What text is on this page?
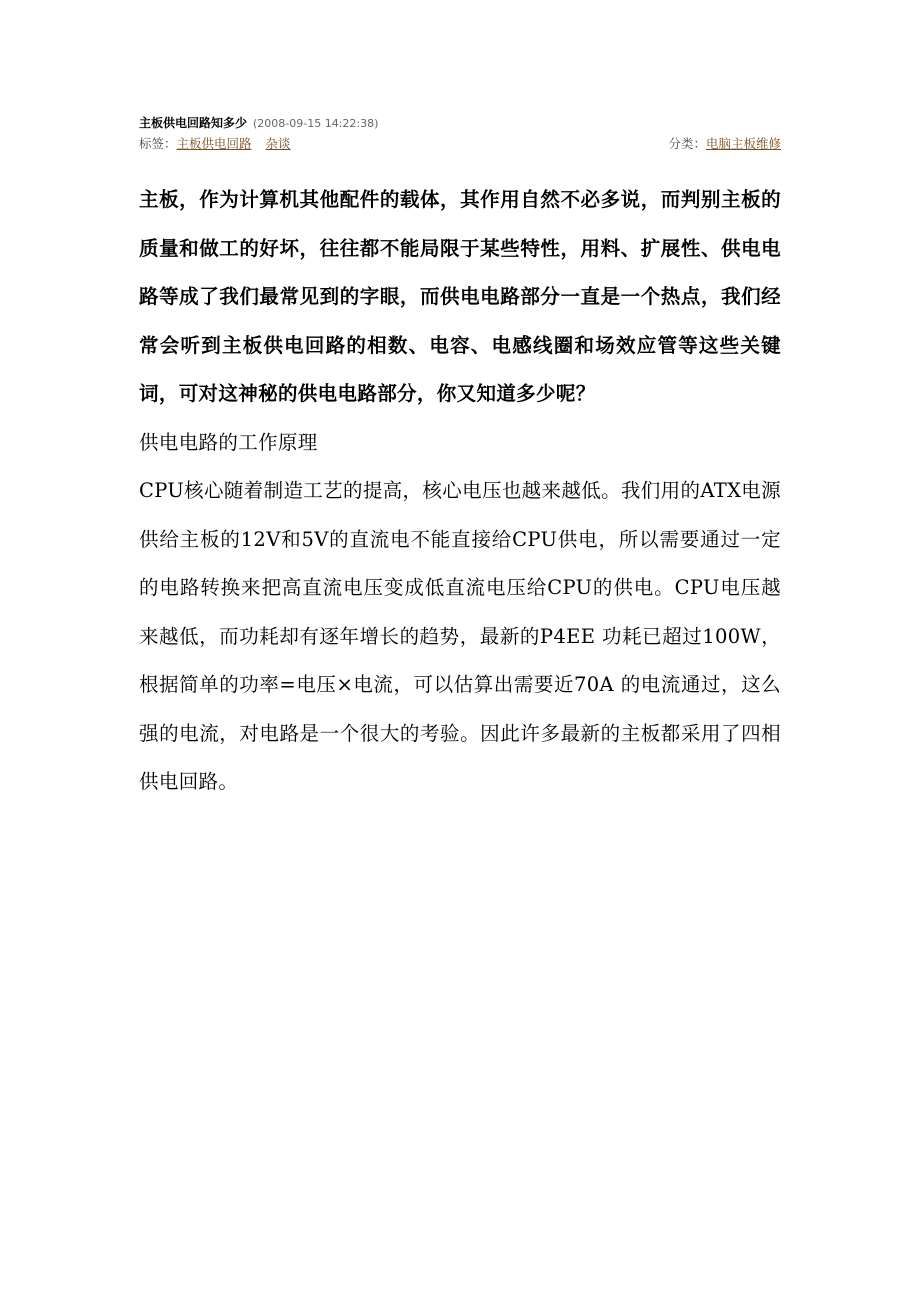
主板供电回路知多少 (2008-09-15 14:22:38)
标签：主板供电回路 杂谈	分类：电脑主板维修

主板，作为计算机其他配件的载体，其作用自然不必多说，而判别主板的质量和做工的好坏，往往都不能局限于某些特性，用料、扩展性、供电电路等成了我们最常见到的字眼，而供电电路部分一直是一个热点，我们经常会听到主板供电回路的相数、电容、电感线圈和场效应管等这些关键词，可对这神秘的供电电路部分，你又知道多少呢？

供电电路的工作原理

CPU核心随着制造工艺的提高，核心电压也越来越低。我们用的ATX电源供给主板的12V和5V的直流电不能直接给CPU供电，所以需要通过一定的电路转换来把高直流电压变成低直流电压给CPU的供电。CPU电压越来越低，而功耗却有逐年增长的趋势，最新的P4EE 功耗已超过100W，根据简单的功率=电压×电流，可以估算出需要近70A 的电流通过，这么强的电流，对电路是一个很大的考验。因此许多最新的主板都采用了四相供电回路。
